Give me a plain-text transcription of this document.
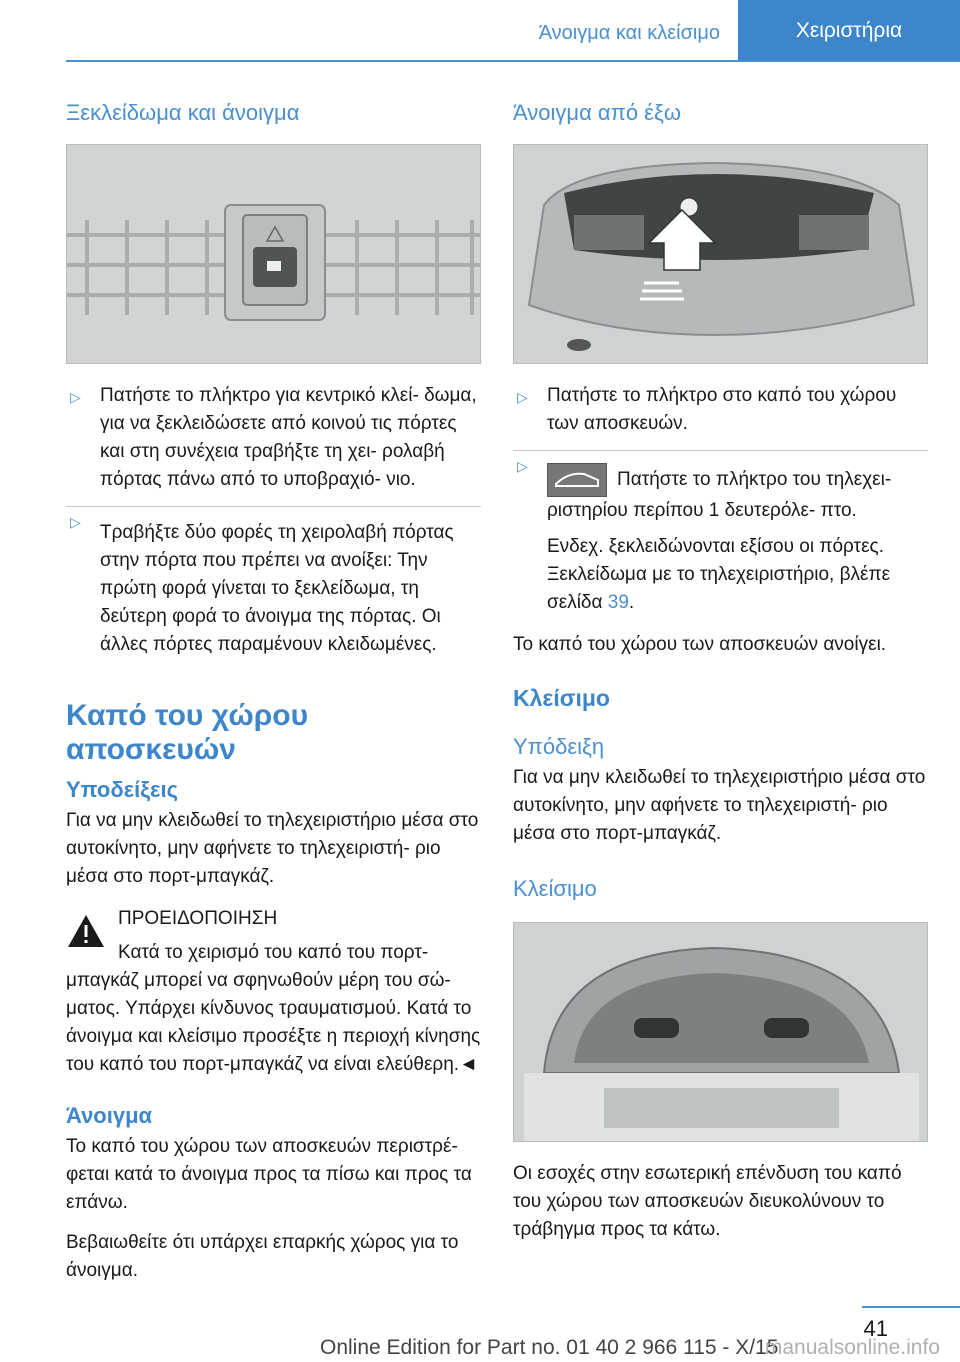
Άνοιγμα και κλείσιμο	Χειριστήρια
Ξεκλείδωμα και άνοιγμα
▷ Πατήστε το πλήκτρο για κεντρικό κλεί- δωμα, για να ξεκλειδώσετε από κοινού τις πόρτες και στη συνέχεια τραβήξτε τη χει- ρολαβή πόρτας πάνω από το υποβραχιό- νιο.
▷ Τραβήξτε δύο φορές τη χειρολαβή πόρτας στην πόρτα που πρέπει να ανοίξει: Την πρώτη φορά γίνεται το ξεκλείδωμα, τη δεύτερη φορά το άνοιγμα της πόρτας. Οι άλλες πόρτες παραμένουν κλειδωμένες.
Καπό του χώρου αποσκευών
Υποδείξεις

Για να μην κλειδωθεί το τηλεχειριστήριο μέσα στο αυτοκίνητο, μην αφήνετε το τηλεχειριστή- ριο μέσα στο πορτ-μπαγκάζ.

ΠΡΟΕΙΔΟΠΟΙΗΣΗ
Κατά το χειρισμό του καπό του πορτ- μπαγκάζ μπορεί να σφηνωθούν μέρη του σώ- ματος. Υπάρχει κίνδυνος τραυματισμού. Κατά το άνοιγμα και κλείσιμο προσέξτε η περιοχή κίνησης του καπό του πορτ-μπαγκάζ να είναι ελεύθερη.◄
Άνοιγμα

Το καπό του χώρου των αποσκευών περιστρέ- φεται κατά το άνοιγμα προς τα πίσω και προς τα επάνω.

Βεβαιωθείτε ότι υπάρχει επαρκής χώρος για το άνοιγμα.

Άνοιγμα από έξω
▷ Πατήστε το πλήκτρο στο καπό του χώρου των αποσκευών.
▷
Πατήστε το πλήκτρο του τηλεχει- ριστηρίου περίπου 1 δευτερόλε- πτο.
Ενδεχ. ξεκλειδώνονται εξίσου οι πόρτες. Ξεκλείδωμα με το τηλεχειριστήριο, βλέπε σελίδα 39.

Το καπό του χώρου των αποσκευών ανοίγει.

Κλείσιμο
Υπόδειξη

Για να μην κλειδωθεί το τηλεχειριστήριο μέσα στο αυτοκίνητο, μην αφήνετε το τηλεχειριστή- ριο μέσα στο πορτ-μπαγκάζ.

Κλείσιμο

Οι εσοχές στην εσωτερική επένδυση του καπό του χώρου των αποσκευών διευκολύνουν το τράβηγμα προς τα κάτω.

41
Online Edition for Part no. 01 40 2 966 115 - X/15
manualsonline.info
